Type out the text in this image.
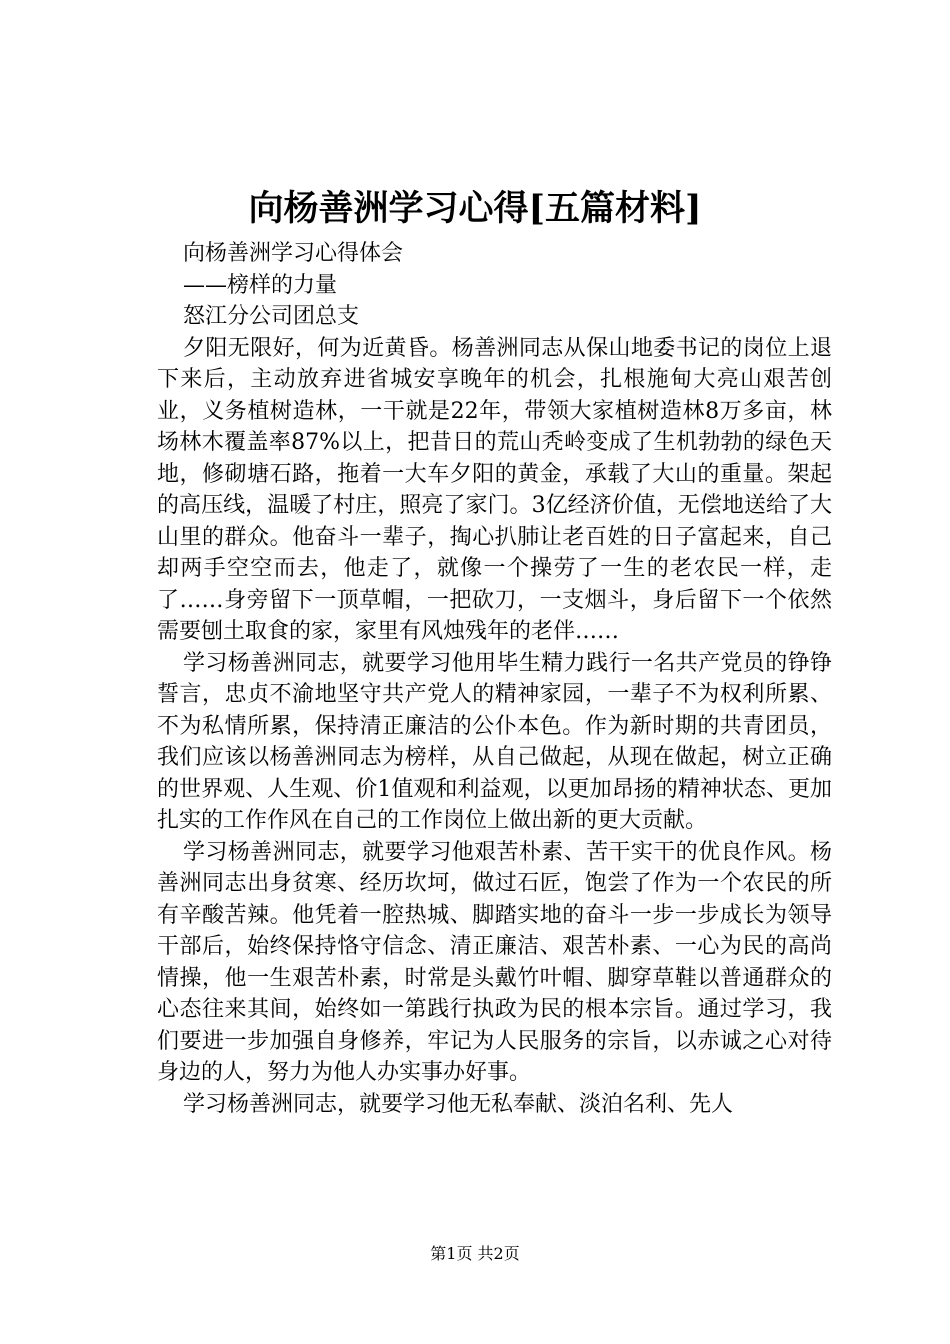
向杨善洲学习心得[五篇材料]

向杨善洲学习心得体会

——榜样的力量

怒江分公司团总支

夕阳无限好，何为近黄昏。杨善洲同志从保山地委书记的岗位上退下来后，主动放弃进省城安享晚年的机会，扎根施甸大亮山艰苦创业，义务植树造林，一干就是22年，带领大家植树造林8万多亩，林场林木覆盖率87%以上，把昔日的荒山秃岭变成了生机勃勃的绿色天地，修砌塘石路，拖着一大车夕阳的黄金，承载了大山的重量。架起的高压线，温暖了村庄，照亮了家门。3亿经济价值，无偿地送给了大山里的群众。他奋斗一辈子，掏心扒肺让老百姓的日子富起来，自己却两手空空而去，他走了，就像一个操劳了一生的老农民一样，走了……身旁留下一顶草帽，一把砍刀，一支烟斗，身后留下一个依然需要刨土取食的家，家里有风烛残年的老伴……

学习杨善洲同志，就要学习他用毕生精力践行一名共产党员的铮铮誓言，忠贞不渝地坚守共产党人的精神家园，一辈子不为权利所累、不为私情所累，保持清正廉洁的公仆本色。作为新时期的共青团员，我们应该以杨善洲同志为榜样，从自己做起，从现在做起，树立正确的世界观、人生观、价1值观和利益观，以更加昂扬的精神状态、更加扎实的工作作风在自己的工作岗位上做出新的更大贡献。

学习杨善洲同志，就要学习他艰苦朴素、苦干实干的优良作风。杨善洲同志出身贫寒、经历坎坷，做过石匠，饱尝了作为一个农民的所有辛酸苦辣。他凭着一腔热城、脚踏实地的奋斗一步一步成长为领导干部后，始终保持恪守信念、清正廉洁、艰苦朴素、一心为民的高尚情操，他一生艰苦朴素，时常是头戴竹叶帽、脚穿草鞋以普通群众的心态往来其间，始终如一第践行执政为民的根本宗旨。通过学习，我们要进一步加强自身修养，牢记为人民服务的宗旨，以赤诚之心对待身边的人，努力为他人办实事办好事。

学习杨善洲同志，就要学习他无私奉献、淡泊名利、先人

第1页 共2页
